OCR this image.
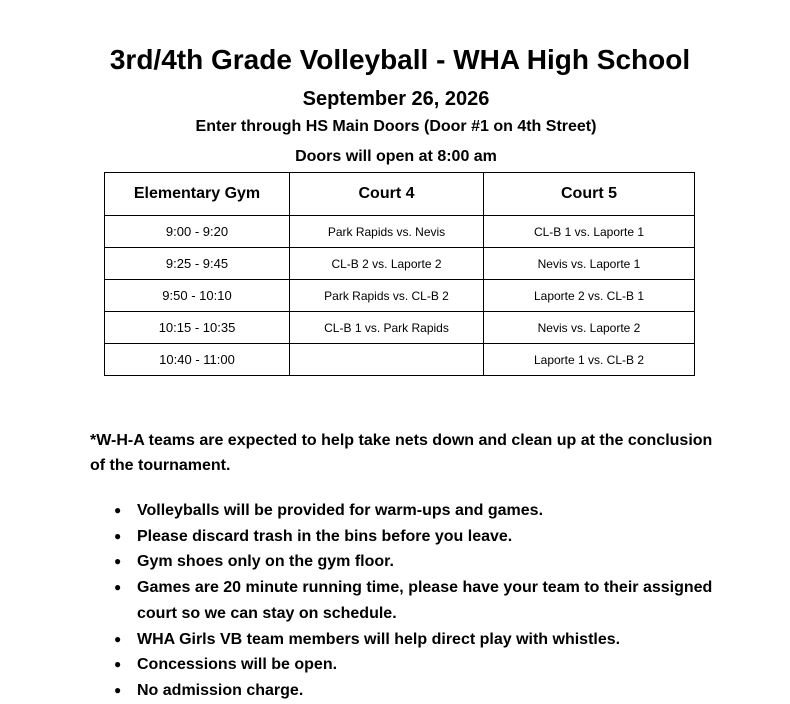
3rd/4th Grade Volleyball - WHA High School
September 26, 2026

Enter through HS Main Doors (Door #1 on 4th Street)

Doors will open at 8:00 am

Elementary Gym	Court 4	Court 5
9:00 - 9:20	Park Rapids vs. Nevis	CL-B 1 vs. Laporte 1
9:25 - 9:45	CL-B 2 vs. Laporte 2	Nevis vs. Laporte 1
9:50 - 10:10	Park Rapids vs. CL-B 2	Laporte 2 vs. CL-B 1
10:15 - 10:35	CL-B 1 vs. Park Rapids	Nevis vs. Laporte 2
10:40 - 11:00		Laporte 1 vs. CL-B 2

*W-H-A teams are expected to help take nets down and clean up at the conclusion of the tournament.

● Volleyballs will be provided for warm-ups and games.
● Please discard trash in the bins before you leave.
● Gym shoes only on the gym floor.
● Games are 20 minute running time, please have your team to their assigned court so we can stay on schedule.
● WHA Girls VB team members will help direct play with whistles.
● Concessions will be open.
● No admission charge.
